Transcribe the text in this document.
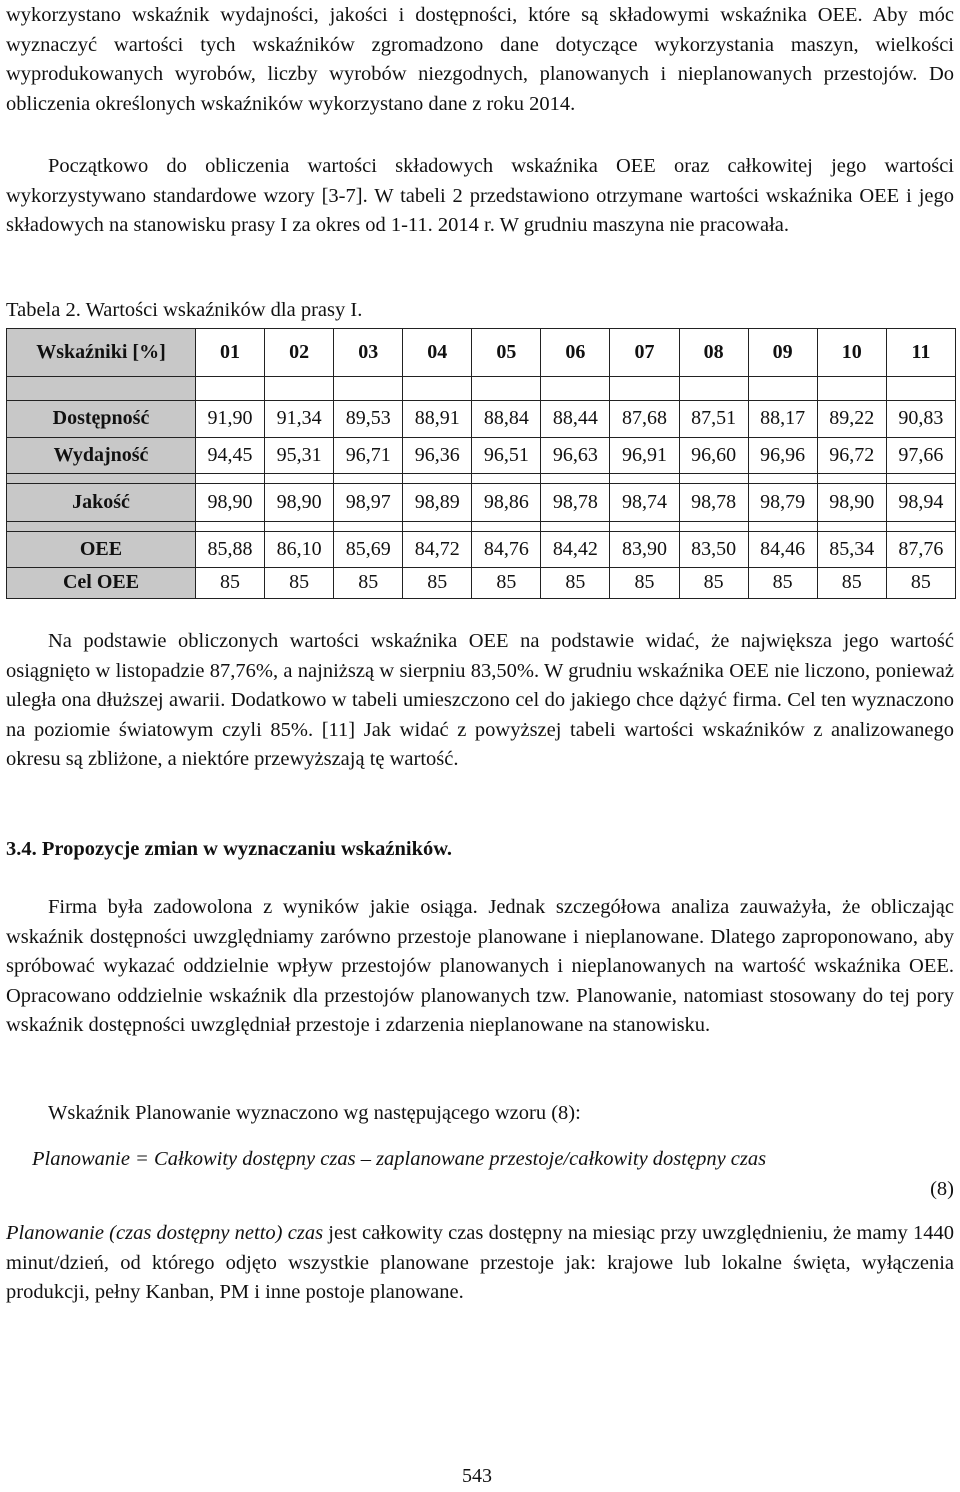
wykorzystano wskaźnik wydajności, jakości i dostępności, które są składowymi wskaźnika OEE. Aby móc wyznaczyć wartości tych wskaźników zgromadzono dane dotyczące wykorzystania maszyn, wielkości wyprodukowanych wyrobów, liczby wyrobów niezgodnych, planowanych i nieplanowanych przestojów. Do obliczenia określonych wskaźników wykorzystano dane z roku 2014.

Początkowo do obliczenia wartości składowych wskaźnika OEE oraz całkowitej jego wartości wykorzystywano standardowe wzory [3-7]. W tabeli 2 przedstawiono otrzymane wartości wskaźnika OEE i jego składowych na stanowisku prasy I za okres od 1-11. 2014 r. W grudniu maszyna nie pracowała.

Tabela 2. Wartości wskaźników dla prasy I.
Wskaźniki [%]	01	02	03	04	05	06	07	08	09	10	11

Dostępność	91,90	91,34	89,53	88,91	88,84	88,44	87,68	87,51	88,17	89,22	90,83
Wydajność	94,45	95,31	96,71	96,36	96,51	96,63	96,91	96,60	96,96	96,72	97,66

Jakość	98,90	98,90	98,97	98,89	98,86	98,78	98,74	98,78	98,79	98,90	98,94

OEE	85,88	86,10	85,69	84,72	84,76	84,42	83,90	83,50	84,46	85,34	87,76
Cel OEE	85	85	85	85	85	85	85	85	85	85	85

Na podstawie obliczonych wartości wskaźnika OEE na podstawie widać, że największa jego wartość osiągnięto w listopadzie 87,76%, a najniższą w sierpniu 83,50%. W grudniu wskaźnika OEE nie liczono, ponieważ uległa ona dłuższej awarii. Dodatkowo w tabeli umieszczono cel do jakiego chce dążyć firma. Cel ten wyznaczono na poziomie światowym czyli 85%. [11] Jak widać z powyższej tabeli wartości wskaźników z analizowanego okresu są zbliżone, a niektóre przewyższają tę wartość.

3.4. Propozycje zmian w wyznaczaniu wskaźników.

Firma była zadowolona z wyników jakie osiąga. Jednak szczegółowa analiza zauważyła, że obliczając wskaźnik dostępności uwzględniamy zarówno przestoje planowane i nieplanowane. Dlatego zaproponowano, aby spróbować wykazać oddzielnie wpływ przestojów planowanych i nieplanowanych na wartość wskaźnika OEE. Opracowano oddzielnie wskaźnik dla przestojów planowanych tzw. Planowanie, natomiast stosowany do tej pory wskaźnik dostępności uwzględniał przestoje i zdarzenia nieplanowane na stanowisku.

Wskaźnik Planowanie wyznaczono wg następującego wzoru (8):

Planowanie = Całkowity dostępny czas – zaplanowane przestoje/całkowity dostępny czas
(8)

Planowanie (czas dostępny netto) czas jest całkowity czas dostępny na miesiąc przy uwzględnieniu, że mamy 1440 minut/dzień, od którego odjęto wszystkie planowane przestoje jak: krajowe lub lokalne święta, wyłączenia produkcji, pełny Kanban, PM i inne postoje planowane.

543
